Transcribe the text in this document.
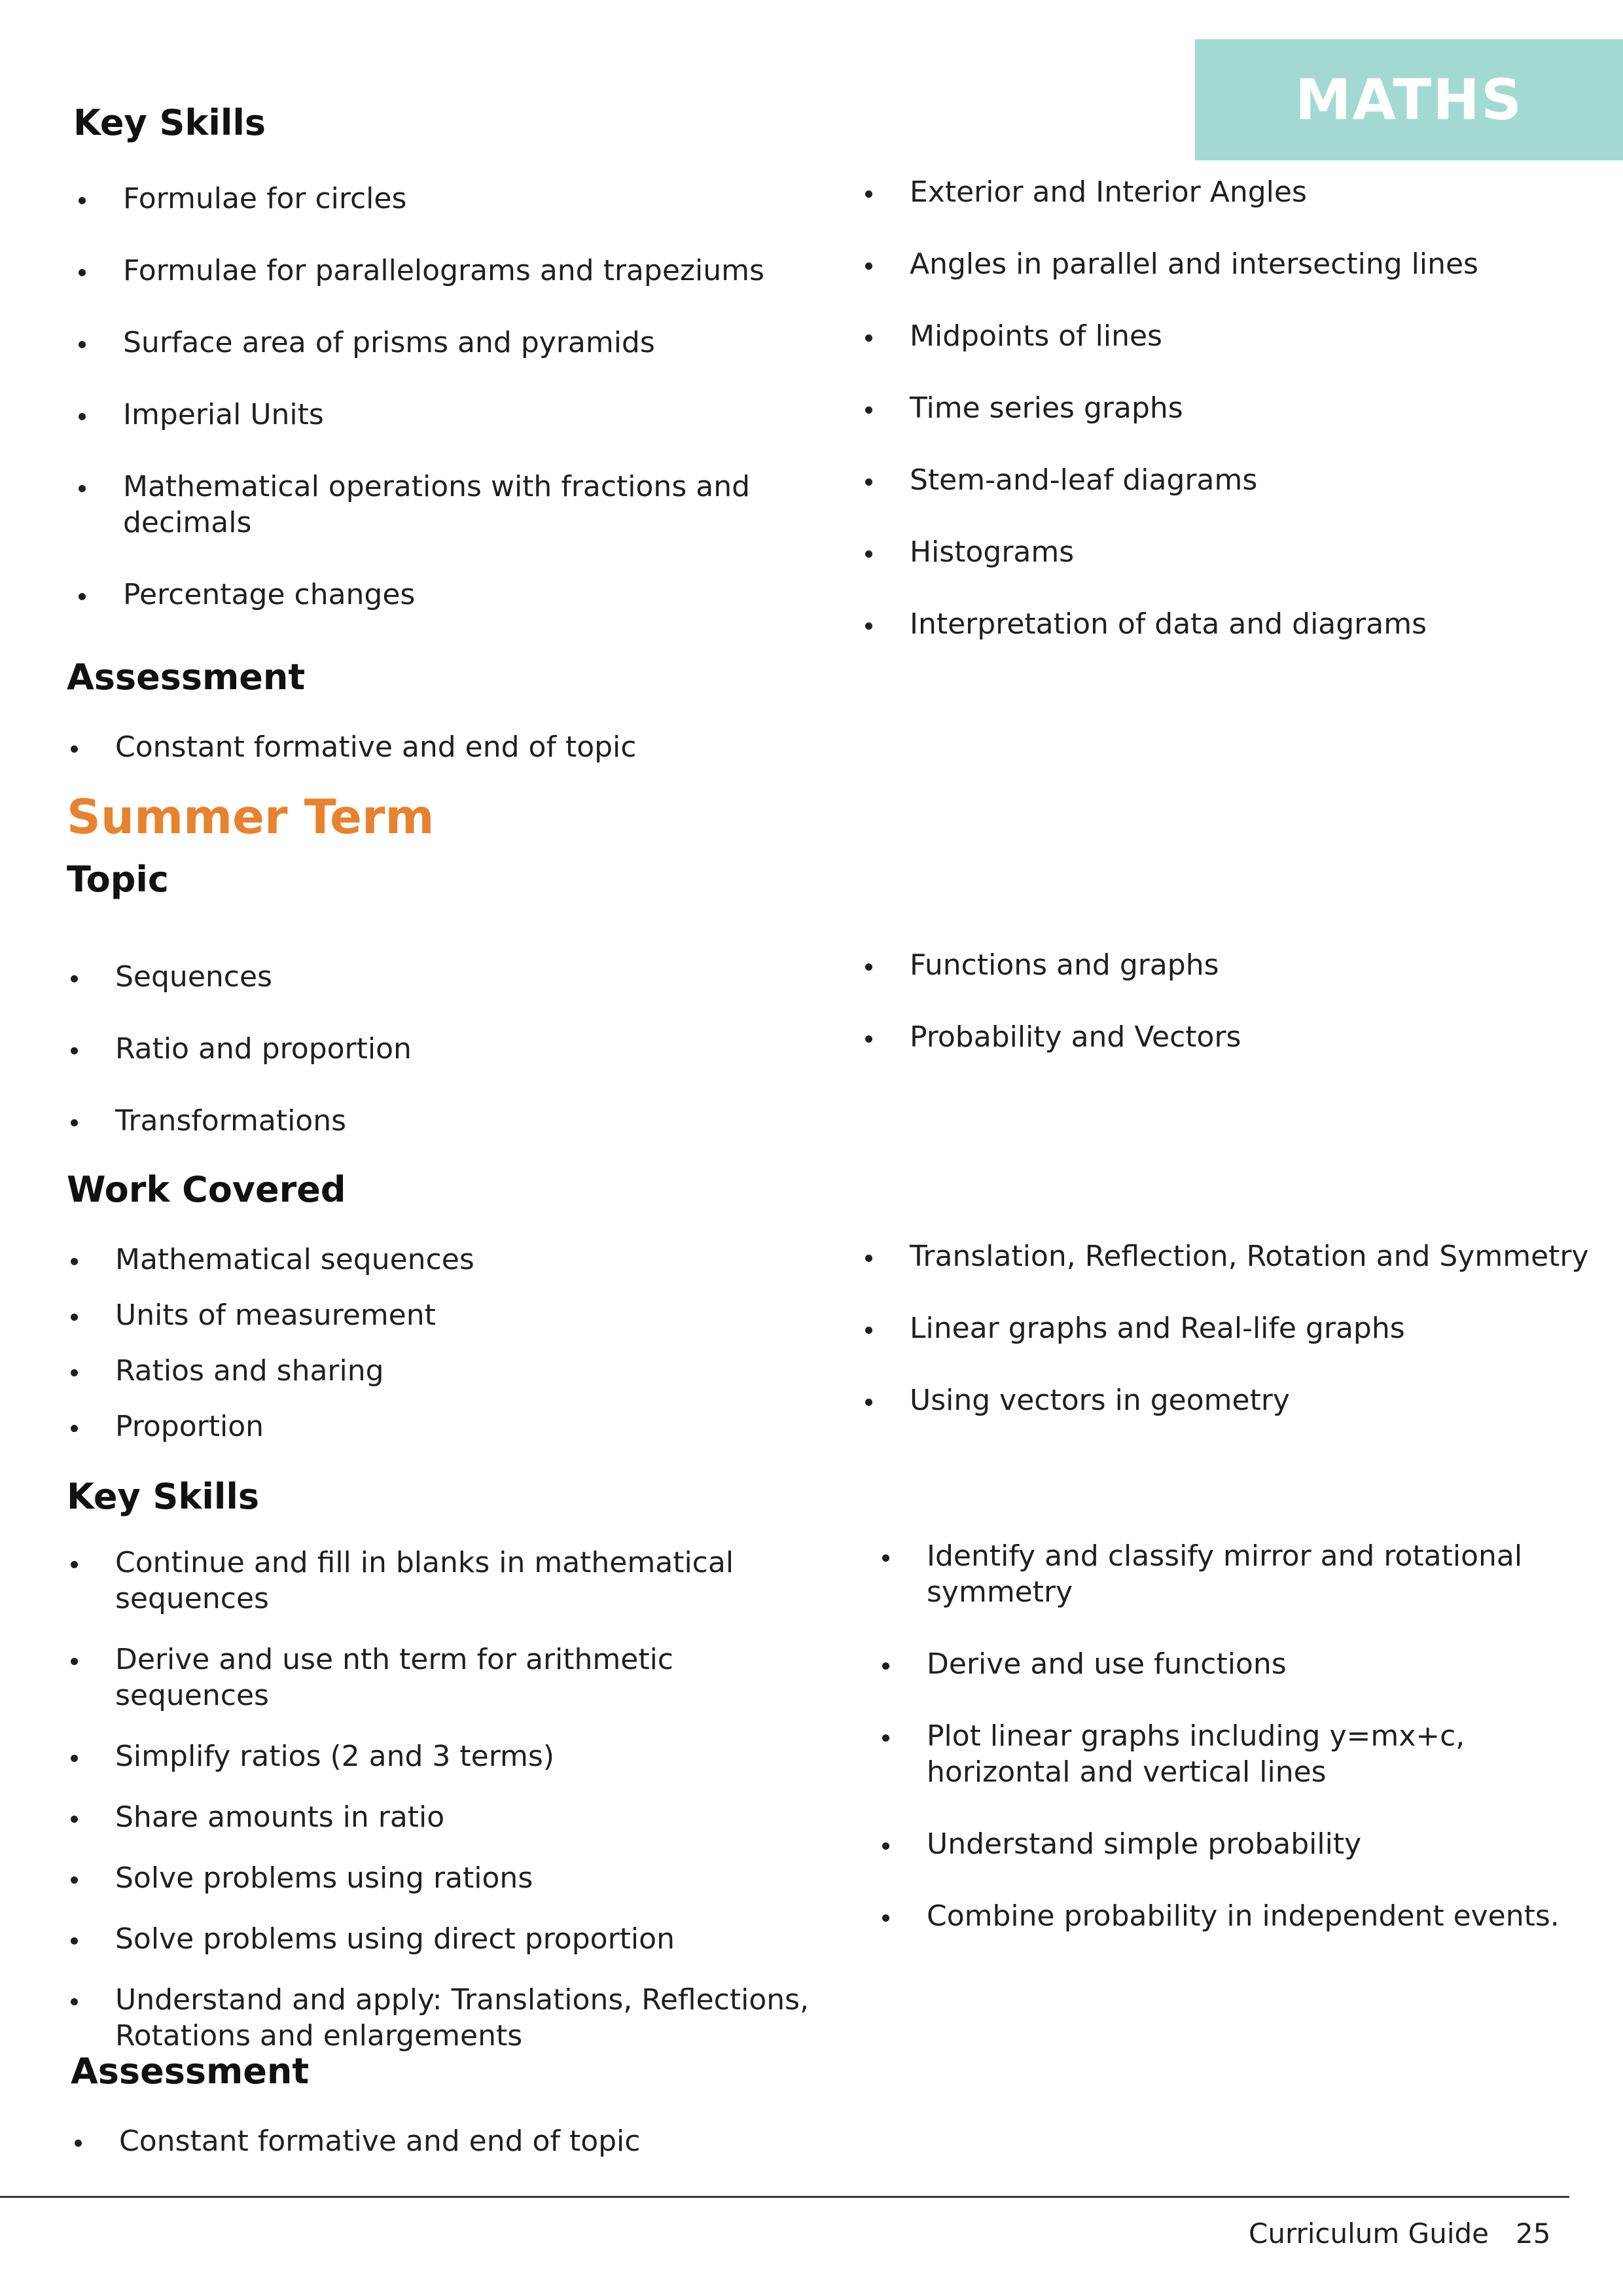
MATHS
Key Skills
Formulae for circles
Formulae for parallelograms and trapeziums
Surface area of prisms and pyramids
Imperial Units
Mathematical operations with fractions and decimals
Percentage changes
Exterior and Interior Angles
Angles in parallel and intersecting lines
Midpoints of lines
Time series graphs
Stem-and-leaf diagrams
Histograms
Interpretation of data and diagrams
Assessment
Constant formative and end of topic
Summer Term
Topic
Sequences
Ratio and proportion
Transformations
Functions and graphs
Probability and Vectors
Work Covered
Mathematical sequences
Units of measurement
Ratios and sharing
Proportion
Translation, Reflection, Rotation and Symmetry
Linear graphs and Real-life graphs
Using vectors in geometry
Key Skills
Continue and fill in blanks in mathematical sequences
Derive and use nth term for arithmetic sequences
Simplify ratios (2 and 3 terms)
Share amounts in ratio
Solve problems using rations
Solve problems using direct proportion
Understand and apply: Translations, Reflections, Rotations and enlargements
Identify and classify mirror and rotational symmetry
Derive and use functions
Plot linear graphs including y=mx+c, horizontal and vertical lines
Understand simple probability
Combine probability in independent events.
Assessment
Constant formative and end of topic
Curriculum Guide 25
